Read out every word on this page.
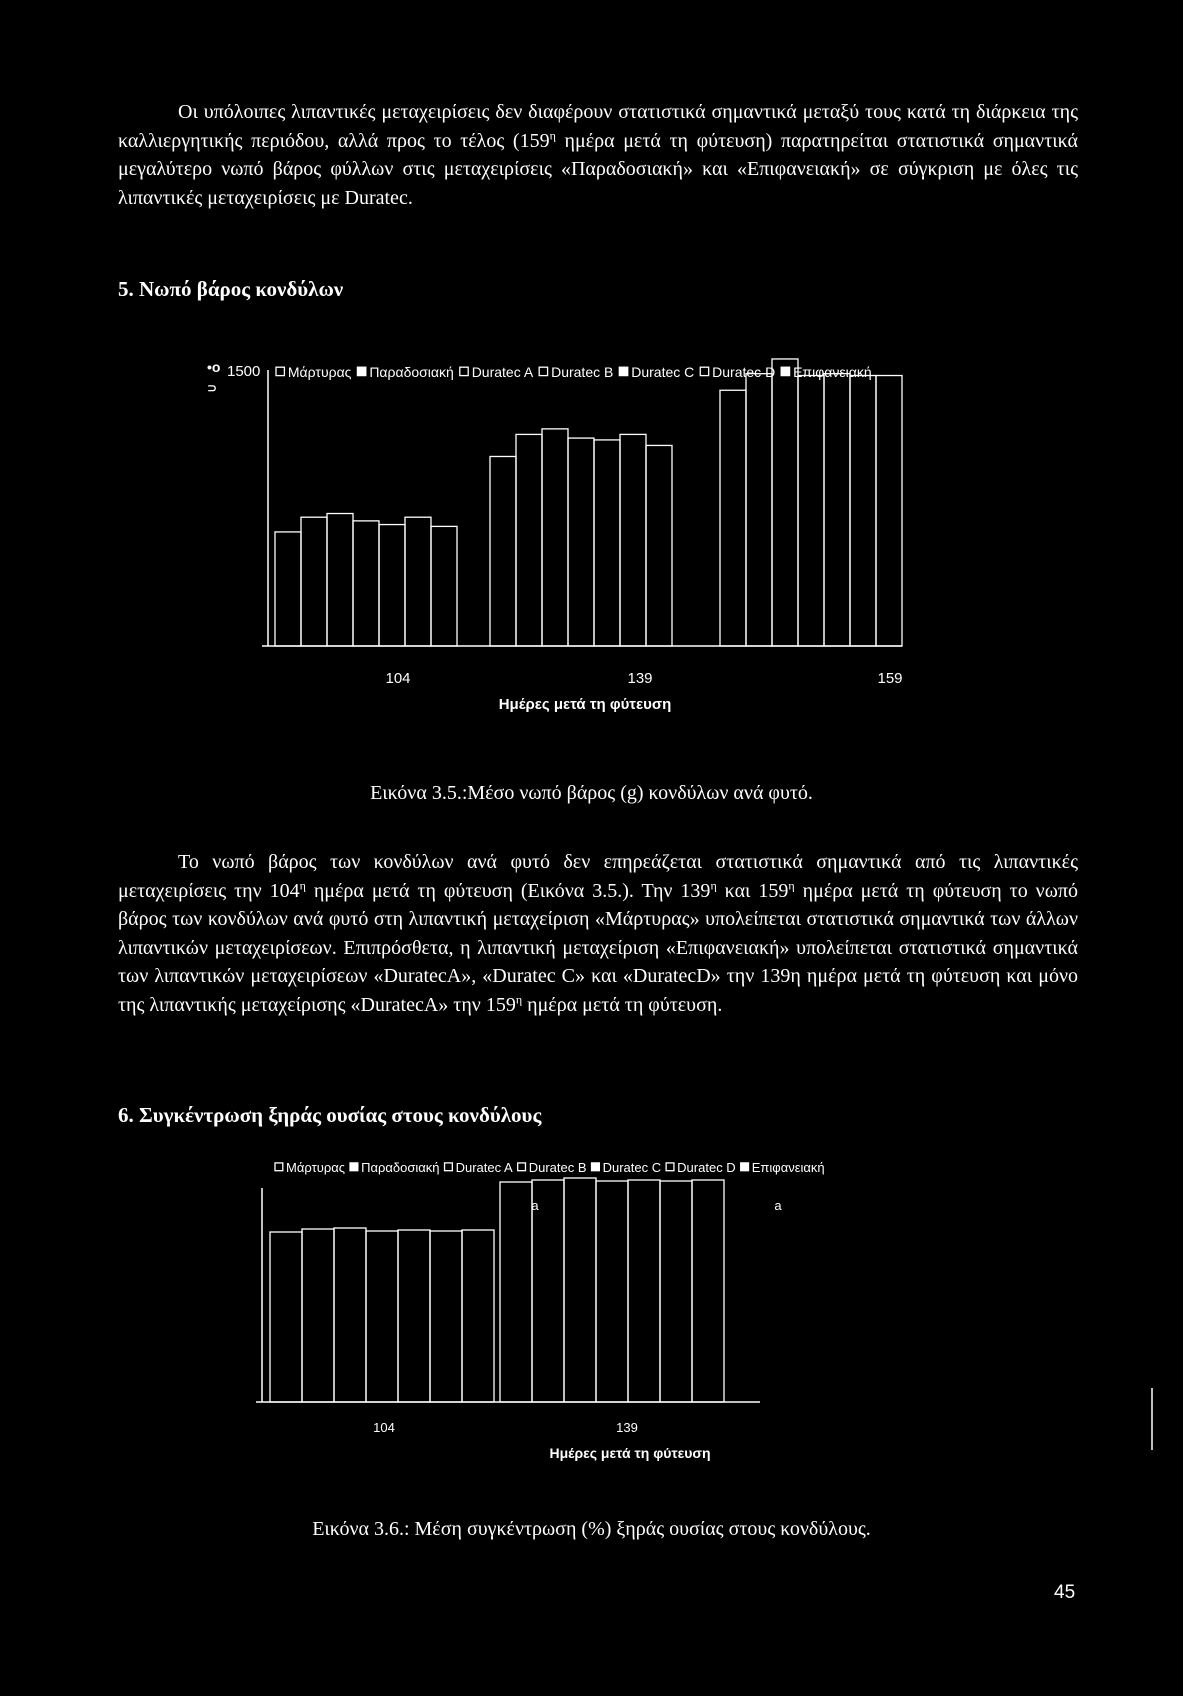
Οι υπόλοιπες λιπαντικές μεταχειρίσεις δεν διαφέρουν στατιστικά σημαντικά μεταξύ τους κατά τη διάρκεια της καλλιεργητικής περιόδου, αλλά προς το τέλος ($159^\eta$ ημέρα μετά τη φύτευση) παρατηρείται στατιστικά σημαντικά μεγαλύτερο νωπό βάρος φύλλων στις μεταχειρίσεις «Παραδοσιακή» και «Επιφανειακή» σε σύγκριση με όλες τις λιπαντικές μεταχειρίσεις με Duratec.

5. Νωπό βάρος κονδύλων
•ο
⊃
1500 Μάρτυρας Παραδοσιακή Duratec A Duratec B Duratec C Duratec D Επιφανειακή
104	139	159
Ημέρες μετά τη φύτευση

Εικόνα 3.5.:Μέσο νωπό βάρος (g) κονδύλων ανά φυτό.

Το νωπό βάρος των κονδύλων ανά φυτό δεν επηρεάζεται στατιστικά σημαντικά από τις λιπαντικές μεταχειρίσεις την $104^\eta$ ημέρα μετά τη φύτευση (Εικόνα 3.5.). Την $139^\eta$ και $159^\eta$ ημέρα μετά τη φύτευση το νωπό βάρος των κονδύλων ανά φυτό στη λιπαντική μεταχείριση «Μάρτυρας» υπολείπεται στατιστικά σημαντικά των άλλων λιπαντικών μεταχειρίσεων. Επιπρόσθετα, η λιπαντική μεταχείριση «Επιφανειακή» υπολείπεται στατιστικά σημαντικά των λιπαντικών μεταχειρίσεων «DuratecA», «Duratec C» και «DuratecD» την 139η ημέρα μετά τη φύτευση και μόνο της λιπαντικής μεταχείρισης «DuratecA» την $159^\eta$ ημέρα μετά τη φύτευση.

6. Συγκέντρωση ξηράς ουσίας στους κονδύλους
Μάρτυρας Παραδοσιακή Duratec A Duratec B Duratec C Duratec D Επιφανειακή
a	a
104	139
Ημέρες μετά τη φύτευση

Εικόνα 3.6.: Μέση συγκέντρωση (%) ξηράς ουσίας στους κονδύλους.

45
